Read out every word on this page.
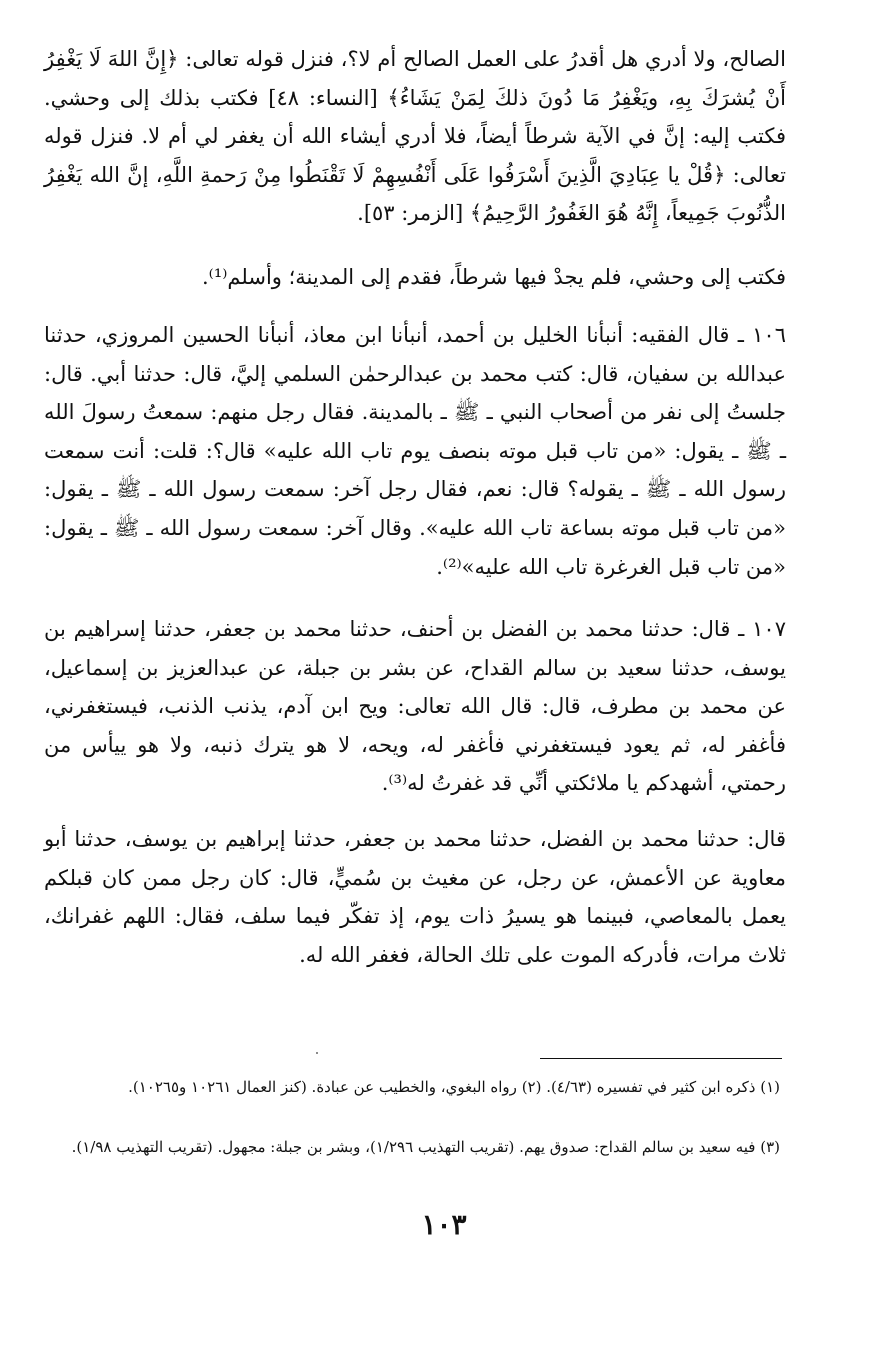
الصالح، ولا أدري هل أقدرُ على العمل الصالح أم لا؟، فنزل قوله تعالى: ﴿إِنَّ اللهَ لَا يَغْفِرُ أَنْ يُشرَكَ بِهِ، ويَغْفِرُ مَا دُونَ ذلكَ لِمَنْ يَشَاءُ﴾ [النساء: ٤٨] فكتب بذلك إلى وحشي. فكتب إليه: إنَّ في الآية شرطاً أيضاً، فلا أدري أيشاء الله أن يغفر لي أم لا. فنزل قوله تعالى: ﴿قُلْ يا عِبَادِيَ الَّذِينَ أَسْرَفُوا عَلَى أَنْفُسِهِمْ لَا تَقْنَطُوا مِنْ رَحمةِ اللَّهِ، إنَّ الله يَغْفِرُ الذُّنُوبَ جَمِيعاً، إِنَّهُ هُوَ الغَفُورُ الرَّحِيمُ﴾ [الزمر: ٥٣].

فكتب إلى وحشي، فلم يجدْ فيها شرطاً، فقدم إلى المدينة؛ وأسلم⁽¹⁾.

١٠٦ ـ قال الفقيه: أنبأنا الخليل بن أحمد، أنبأنا ابن معاذ، أنبأنا الحسين المروزي، حدثنا عبدالله بن سفيان، قال: كتب محمد بن عبدالرحمٰن السلمي إليَّ، قال: حدثنا أبي. قال: جلستُ إلى نفر من أصحاب النبي ـ ﷺ ـ بالمدينة. فقال رجل منهم: سمعتُ رسولَ الله ـ ﷺ ـ يقول: «من تاب قبل موته بنصف يوم تاب الله عليه» قال؟: قلت: أنت سمعت رسول الله ـ ﷺ ـ يقوله؟ قال: نعم، فقال رجل آخر: سمعت رسول الله ـ ﷺ ـ يقول: «من تاب قبل موته بساعة تاب الله عليه». وقال آخر: سمعت رسول الله ـ ﷺ ـ يقول: «من تاب قبل الغرغرة تاب الله عليه»⁽²⁾.

١٠٧ ـ قال: حدثنا محمد بن الفضل بن أحنف، حدثنا محمد بن جعفر، حدثنا إسراهيم بن يوسف، حدثنا سعيد بن سالم القداح، عن بشر بن جبلة، عن عبدالعزيز بن إسماعيل، عن محمد بن مطرف، قال: قال الله تعالى: ويح ابن آدم، يذنب الذنب، فيستغفرني، فأغفر له، ثم يعود فيستغفرني فأغفر له، ويحه، لا هو يترك ذنبه، ولا هو ييأس من رحمتي، أشهدكم يا ملائكتي أنِّي قد غفرتُ له⁽³⁾.

قال: حدثنا محمد بن الفضل، حدثنا محمد بن جعفر، حدثنا إبراهيم بن يوسف، حدثنا أبو معاوية عن الأعمش، عن رجل، عن مغيث بن سُميٍّ، قال: كان رجل ممن كان قبلكم يعمل بالمعاصي، فبينما هو يسيرُ ذات يوم، إذ تفكّر فيما سلف، فقال: اللهم غفرانك، ثلاث مرات، فأدركه الموت على تلك الحالة، فغفر الله له.

(١) ذكره ابن كثير في تفسيره (٤/٦٣). (٢) رواه البغوي، والخطيب عن عبادة. (كنز العمال ١٠٢٦١ و١٠٢٦٥).

(٣) فيه سعيد بن سالم القداح: صدوق يهم. (تقريب التهذيب ١/٢٩٦)، وبشر بن جبلة: مجهول. (تقريب التهذيب ١/٩٨).

١٠٣
